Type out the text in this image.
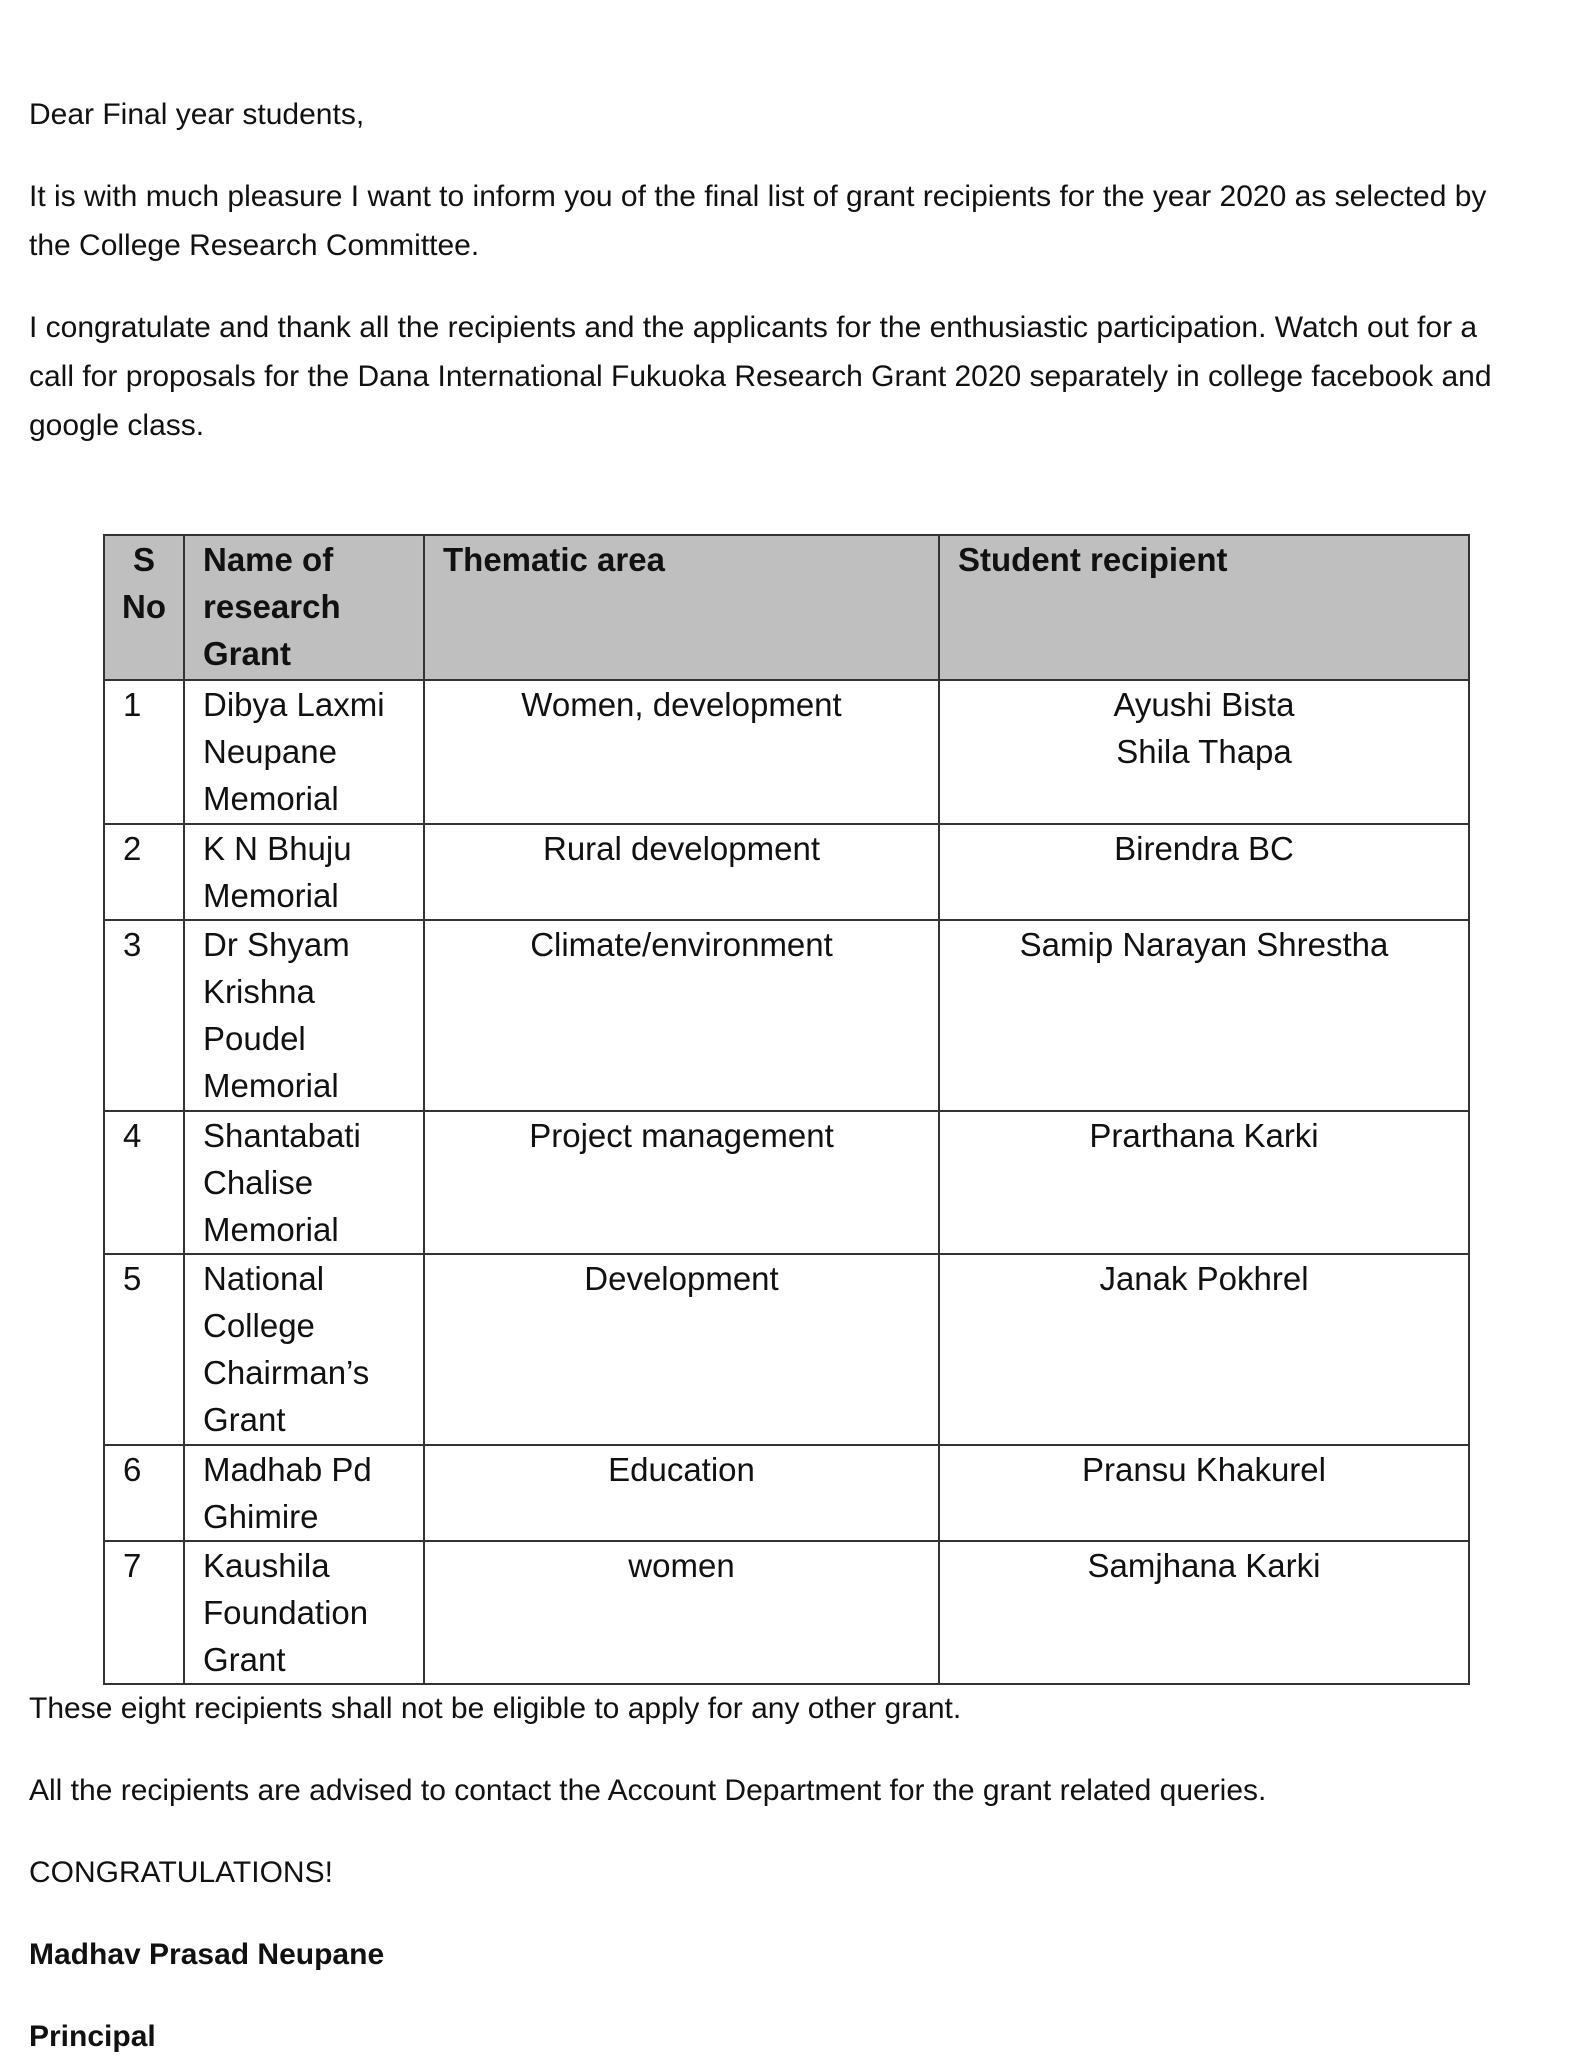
Dear Final year students,

It is with much pleasure I want to inform you of the final list of grant recipients for the year 2020 as selected by the College Research Committee.

I congratulate and thank all the recipients and the applicants for the enthusiastic participation. Watch out for a call for proposals for the Dana International Fukuoka Research Grant 2020 separately in college facebook and google class.

S No	Name of research Grant	Thematic area	Student recipient
1	Dibya Laxmi Neupane Memorial	Women, development	Ayushi Bista
Shila Thapa

2	K N Bhuju Memorial	Rural development	Birendra BC

3	Dr Shyam Krishna Poudel Memorial	Climate/environment	Samip Narayan Shrestha

4	Shantabati Chalise Memorial	Project management	Prarthana Karki

5	National College Chairman’s Grant	Development	Janak Pokhrel

6	Madhab Pd Ghimire	Education	Pransu Khakurel

7	Kaushila Foundation Grant	women	Samjhana Karki

These eight recipients shall not be eligible to apply for any other grant.

All the recipients are advised to contact the Account Department for the grant related queries.

CONGRATULATIONS!

Madhav Prasad Neupane

Principal
